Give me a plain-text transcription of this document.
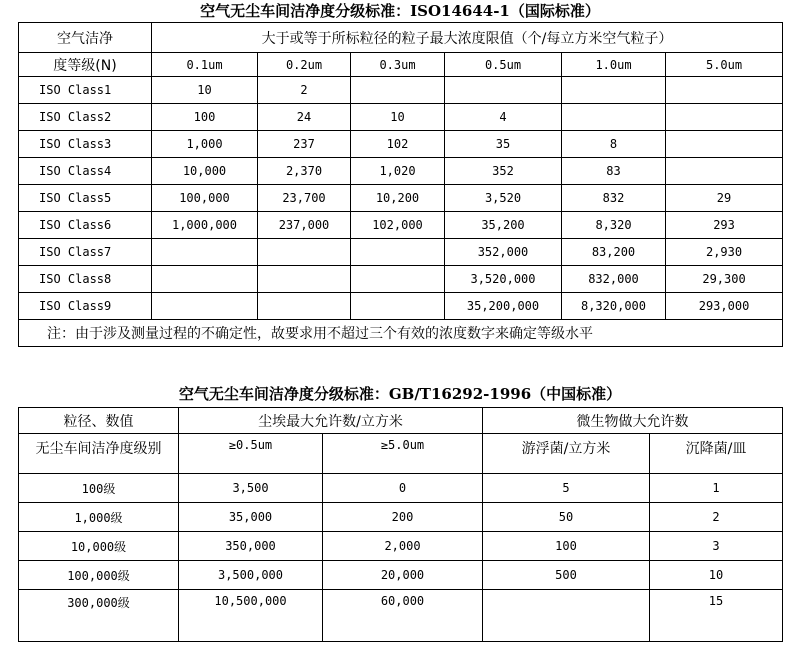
空气无尘车间洁净度分级标准：ISO14644-1（国际标准）
空气洁净	大于或等于所标粒径的粒子最大浓度限值（个/每立方米空气粒子）					
度等级(N)	0.1um	0.2um	0.3um	0.5um	1.0um	5.0um
ISO Class1	10	2				
ISO Class2	100	24	10	4		
ISO Class3	1,000	237	102	35	8	
ISO Class4	10,000	2,370	1,020	352	83	
ISO Class5	100,000	23,700	10,200	3,520	832	29
ISO Class6	1,000,000	237,000	102,000	35,200	8,320	293
ISO Class7				352,000	83,200	2,930
ISO Class8				3,520,000	832,000	29,300
ISO Class9				35,200,000	8,320,000	293,000
注：由于涉及测量过程的不确定性，故要求用不超过三个有效的浓度数字来确定等级水平						
空气无尘车间洁净度分级标准：GB/T16292-1996（中国标准）
粒径、数值	尘埃最大允许数/立方米		微生物做大允许数	
无尘车间洁净度级别	≥0.5um	≥5.0um	游浮菌/立方米	沉降菌/皿
100级	3,500	0	5	1
1,000级	35,000	200	50	2
10,000级	350,000	2,000	100	3
100,000级	3,500,000	20,000	500	10
300,000级	10,500,000	60,000		15
